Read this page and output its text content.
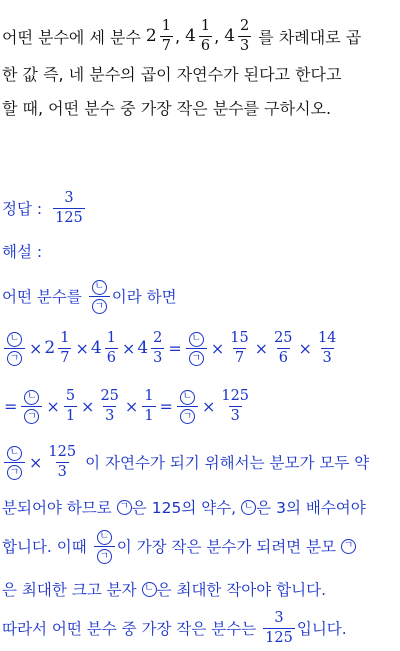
어떤 분수에 세 분수 $2 \frac{1}{7}$ , $4 \frac{1}{6}$ , $4 \frac{2}{3}$ 를 차례대로 곱
한 값 즉, 네 분수의 곱이 자연수가 된다고 한다고
할 때, 어떤 분수 중 가장 작은 분수를 구하시오.
정답 : $\frac{3}{125}$
해설 :
어떤 분수를 $\frac{\text{ㄴ}}{\text{ㄱ}}$ 이라 하면
$\frac{\text{ㄴ}}{\text{ㄱ}} \times 2 \frac{1}{7} \times 4 \frac{1}{6} \times 4 \frac{2}{3} = \frac{\text{ㄴ}}{\text{ㄱ}} \times \frac{15}{7} \times \frac{25}{6} \times \frac{14}{3}$
= $\frac{\text{ㄴ}}{\text{ㄱ}} \times \frac{5}{1} \times \frac{25}{3} \times \frac{1}{1} = \frac{\text{ㄴ}}{\text{ㄱ}} \times \frac{125}{3}$
$\frac{\text{ㄴ}}{\text{ㄱ}} \times \frac{125}{3}$ 이 자연수가 되기 위해서는 분모가 모두 약
분되어야 하므로 ㄱ 은 125의 약수, ㄴ 은 3의 배수여야
합니다. 이때 $\frac{\text{ㄴ}}{\text{ㄱ}}$ 이 가장 작은 분수가 되려면 분모 ㄱ
은 최대한 크고 분자 ㄴ 은 최대한 작아야 합니다.
따라서 어떤 분수 중 가장 작은 분수는 $\frac{3}{125}$ 입니다.
